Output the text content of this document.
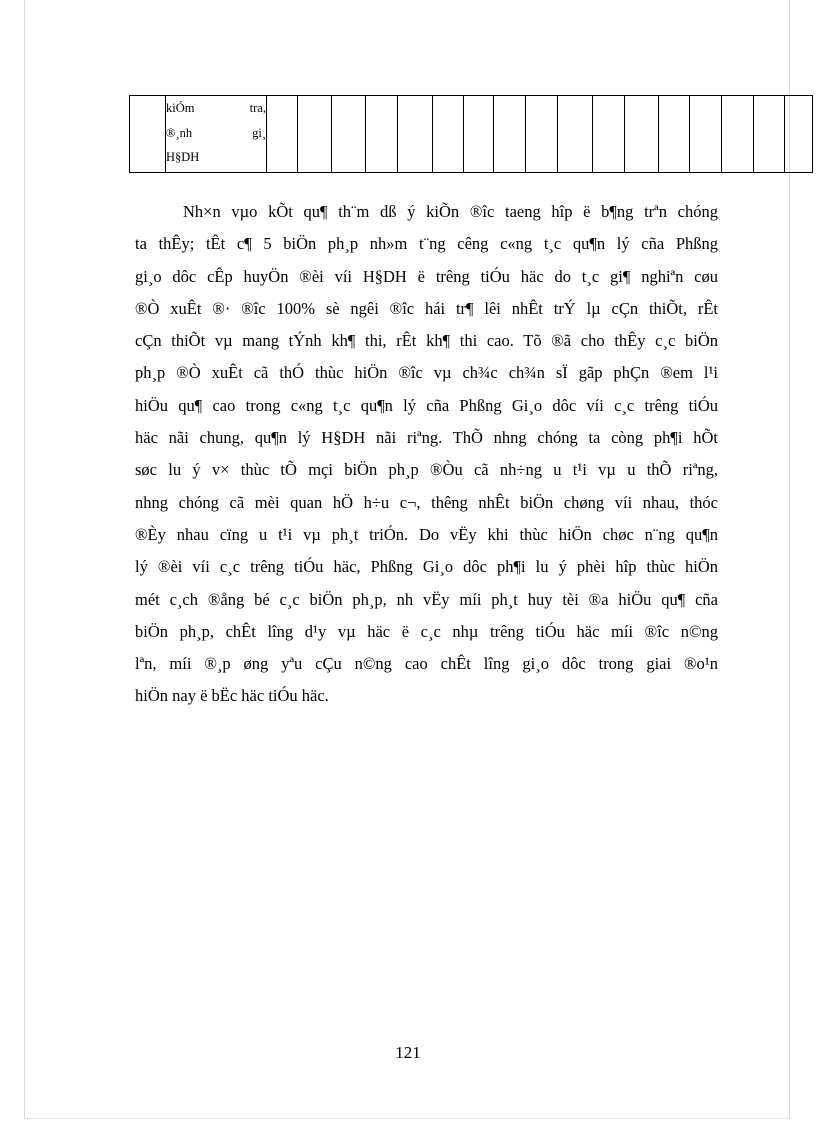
kiÓm tra,
®¸nh gi¸
H§DH

Nh×n vµo kÕt qu¶ th¨m dß ý kiÕn ®îc taeng hîp ë b¶ng trªn chóng
ta thÊy; tÊt c¶ 5 biÖn ph¸p nh»m t¨ng cêng c«ng t¸c qu¶n lý cña Phßng
gi¸o dôc cÊp huyÖn ®èi víi H§DH ë trêng tiÓu häc do t¸c gi¶ nghiªn cøu
®Ò xuÊt ®· ®îc 100% sè ngêi ®îc hái tr¶ lêi nhÊt trÝ lµ cÇn thiÕt, rÊt
cÇn thiÕt vµ mang tÝnh kh¶ thi, rÊt kh¶ thi cao. Tõ ®ã cho thÊy c¸c biÖn
ph¸p ®Ò xuÊt cã thÓ thùc hiÖn ®îc vµ ch¾c ch¾n sÏ gãp phÇn ®em l¹i
hiÖu qu¶ cao trong c«ng t¸c qu¶n lý cña Phßng Gi¸o dôc víi c¸c trêng tiÓu
häc nãi chung, qu¶n lý H§DH nãi riªng. ThÕ nhng chóng ta còng ph¶i hÕt
søc lu ý v× thùc tÕ mçi biÖn ph¸p ®Òu cã nh÷ng u t¹i vµ u thÕ riªng,
nhng chóng cã mèi quan hÖ h÷u c¬, thêng nhÊt biÖn chøng víi nhau, thóc
®Èy nhau cïng u t¹i vµ ph¸t triÓn. Do vËy khi thùc hiÖn chøc n¨ng qu¶n
lý ®èi víi c¸c trêng tiÓu häc, Phßng Gi¸o dôc ph¶i lu ý phèi hîp thùc hiÖn
mét c¸ch ®ång bé c¸c biÖn ph¸p, nh vËy míi ph¸t huy tèi ®a hiÖu qu¶ cña
biÖn ph¸p, chÊt lîng d¹y vµ häc ë c¸c nhµ trêng tiÓu häc míi ®îc n©ng
lªn, míi ®¸p øng yªu cÇu n©ng cao chÊt lîng gi¸o dôc trong giai ®o¹n
hiÖn nay ë bËc häc tiÓu häc.
121
